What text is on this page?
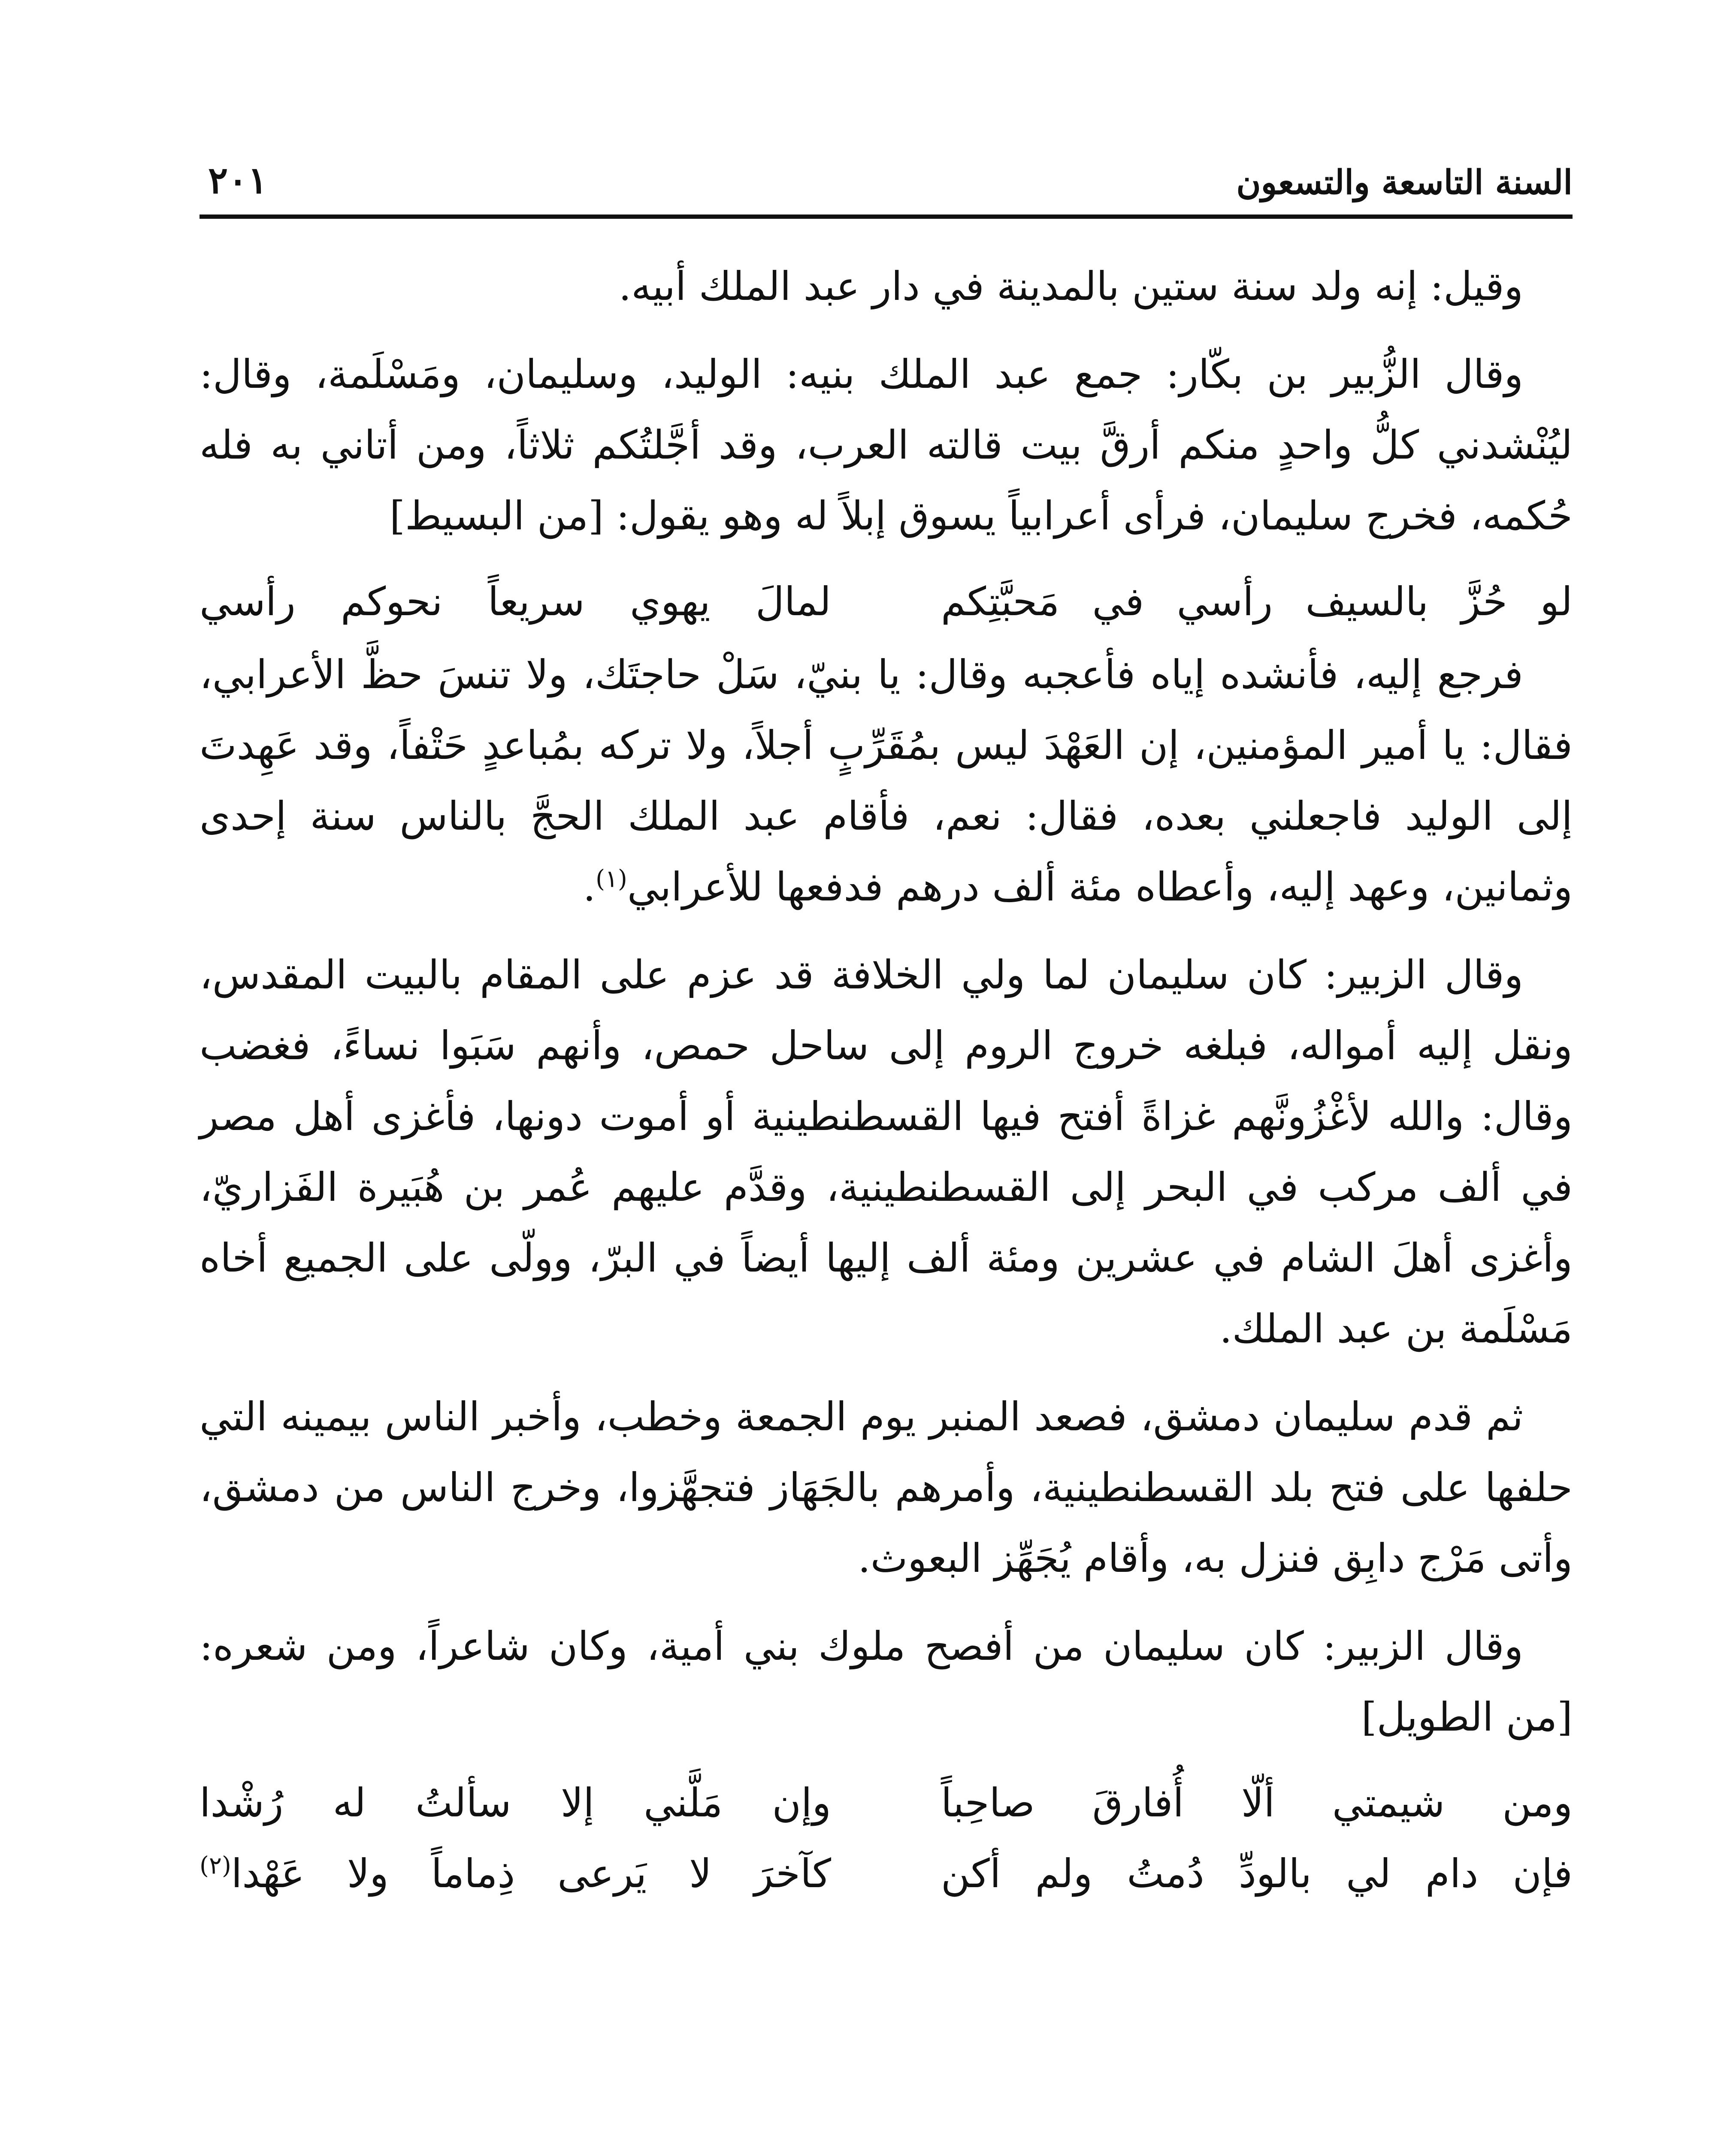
السنة التاسعة والتسعون
٢٠١

وقيل: إنه ولد سنة ستين بالمدينة في دار عبد الملك أبيه.

وقال الزُّبير بن بكّار: جمع عبد الملك بنيه: الوليد، وسليمان، ومَسْلَمة، وقال: ليُنْشدني كلُّ واحدٍ منكم أرقَّ بيت قالته العرب، وقد أجَّلتُكم ثلاثاً، ومن أتاني به فله حُكمه، فخرج سليمان، فرأى أعرابياً يسوق إبلاً له وهو يقول: [من البسيط]

لو حُزَّ بالسيف رأسي في مَحبَّتِكم
لمالَ يهوي سريعاً نحوكم رأسي

فرجع إليه، فأنشده إياه فأعجبه وقال: يا بنيّ، سَلْ حاجتَك، ولا تنسَ حظَّ الأعرابي، فقال: يا أمير المؤمنين، إن العَهْدَ ليس بمُقَرِّبٍ أجلاً، ولا تركه بمُباعدٍ حَتْفاً، وقد عَهِدتَ إلى الوليد فاجعلني بعده، فقال: نعم، فأقام عبد الملك الحجَّ بالناس سنة إحدى وثمانين، وعهد إليه، وأعطاه مئة ألف درهم فدفعها للأعرابي$^{(١)}$.

وقال الزبير: كان سليمان لما ولي الخلافة قد عزم على المقام بالبيت المقدس، ونقل إليه أمواله، فبلغه خروج الروم إلى ساحل حمص، وأنهم سَبَوا نساءً، فغضب وقال: والله لأغْزُونَّهم غزاةً أفتح فيها القسطنطينية أو أموت دونها، فأغزى أهل مصر في ألف مركب في البحر إلى القسطنطينية، وقدَّم عليهم عُمر بن هُبَيرة الفَزاريّ، وأغزى أهلَ الشام في عشرين ومئة ألف إليها أيضاً في البرّ، وولّى على الجميع أخاه مَسْلَمة بن عبد الملك.

ثم قدم سليمان دمشق، فصعد المنبر يوم الجمعة وخطب، وأخبر الناس بيمينه التي حلفها على فتح بلد القسطنطينية، وأمرهم بالجَهَاز فتجهَّزوا، وخرج الناس من دمشق، وأتى مَرْج دابِق فنزل به، وأقام يُجَهِّز البعوث.

وقال الزبير: كان سليمان من أفصح ملوك بني أمية، وكان شاعراً، ومن شعره: [من الطويل]

ومن شيمتي ألّا أُفارقَ صاحِباً
وإن مَلَّني إلا سألتُ له رُشْدا
فإن دام لي بالودِّ دُمتُ ولم أكن
كآخرَ لا يَرعى ذِماماً ولا عَهْدا$^{(٢)}$
